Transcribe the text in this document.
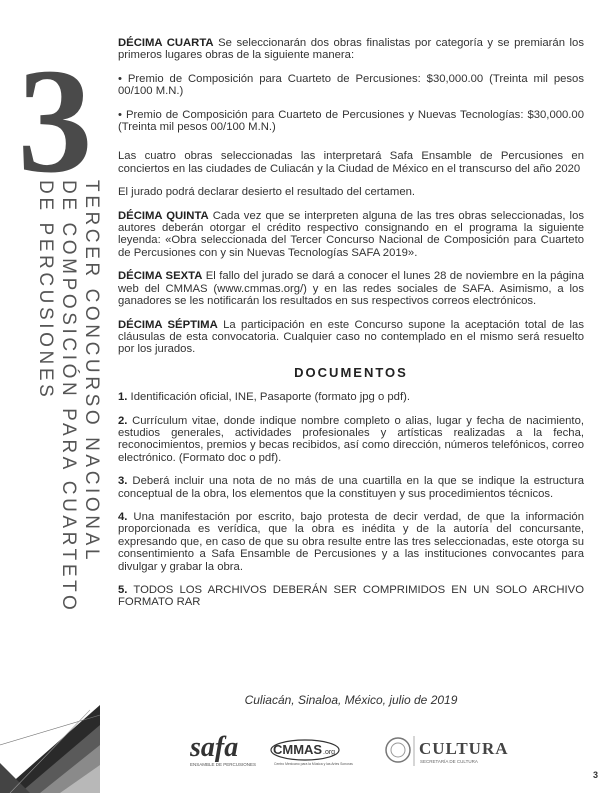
3
TERCER CONCURSO NACIONAL
DE COMPOSICIÓN PARA CUARTETO
DE PERCUSIONES

DÉCIMA CUARTA Se seleccionarán dos obras finalistas por categoría y se premiarán los primeros lugares obras de la siguiente manera:

• Premio de Composición para Cuarteto de Percusiones: $30,000.00 (Treinta mil pesos 00/100 M.N.)

• Premio de Composición para Cuarteto de Percusiones y Nuevas Tecnologías: $30,000.00 (Treinta mil pesos 00/100 M.N.)

Las cuatro obras seleccionadas las interpretará Safa Ensamble de Percusiones en conciertos en las ciudades de Culiacán y la Ciudad de México en el transcurso del año 2020

El jurado podrá declarar desierto el resultado del certamen.

DÉCIMA QUINTA Cada vez que se interpreten alguna de las tres obras seleccionadas, los autores deberán otorgar el crédito respectivo consignando en el programa la siguiente leyenda: «Obra seleccionada del Tercer Concurso Nacional de Composición para Cuarteto de Percusiones con y sin Nuevas Tecnologías SAFA 2019».

DÉCIMA SEXTA El fallo del jurado se dará a conocer el lunes 28 de noviembre en la página web del CMMAS (www.cmmas.org/) y en las redes sociales de SAFA. Asimismo, a los ganadores se les notificarán los resultados en sus respectivos correos electrónicos.

DÉCIMA SÉPTIMA La participación en este Concurso supone la aceptación total de las cláusulas de esta convocatoria. Cualquier caso no contemplado en el mismo será resuelto por los jurados.

DOCUMENTOS

1. Identificación oficial, INE, Pasaporte (formato jpg o pdf).

2. Currículum vitae, donde indique nombre completo o alias, lugar y fecha de nacimiento, estudios generales, actividades profesionales y artísticas realizadas a la fecha, reconocimientos, premios y becas recibidos, así como dirección, números telefónicos, correo electrónico. (Formato doc o pdf).

3. Deberá incluir una nota de no más de una cuartilla en la que se indique la estructura conceptual de la obra, los elementos que la constituyen y sus procedimientos técnicos.

4. Una manifestación por escrito, bajo protesta de decir verdad, de que la información proporcionada es verídica, que la obra es inédita y de la autoría del concursante, expresando que, en caso de que su obra resulte entre las tres seleccionadas, este otorga su consentimiento a Safa Ensamble de Percusiones y a las instituciones convocantes para divulgar y grabar la obra.

5. TODOS LOS ARCHIVOS DEBERÁN SER COMPRIMIDOS EN UN SOLO ARCHIVO FORMATO RAR

Culiacán, Sinaloa, México, julio de 2019
safa
ENSAMBLE DE PERCUSIONES
CMMAS .org
Centro Mexicano para la Música y las Artes Sonoras
CULTURA
SECRETARÍA DE CULTURA
3
